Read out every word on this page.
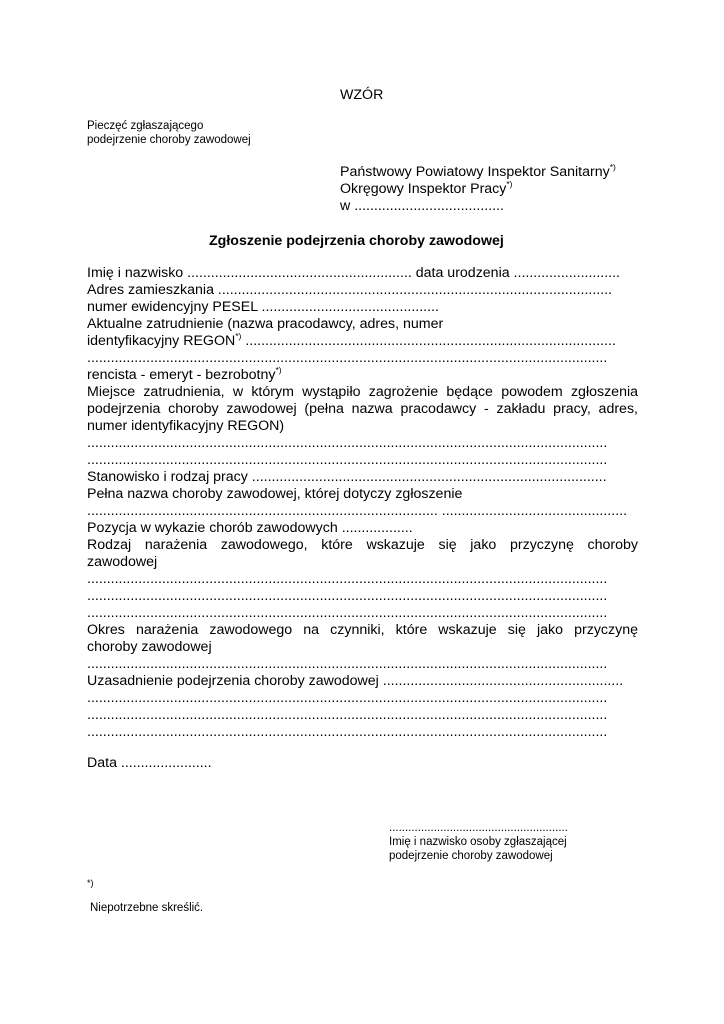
WZÓR
Pieczęć zgłaszającego
podejrzenie choroby zawodowej
Państwowy Powiatowy Inspektor Sanitarny*)
Okręgowy Inspektor Pracy*)
w ......................................
Zgłoszenie podejrzenia choroby zawodowej
Imię i nazwisko ......................................................... data urodzenia ...........................
Adres zamieszkania ....................................................................................................
numer ewidencyjny PESEL .............................................
Aktualne zatrudnienie (nazwa pracodawcy, adres, numer
identyfikacyjny REGON*) ..............................................................................................
....................................................................................................................................
rencista - emeryt - bezrobotny*)
Miejsce zatrudnienia, w którym wystąpiło zagrożenie będące powodem zgłoszenia
podejrzenia choroby zawodowej (pełna nazwa pracodawcy - zakładu pracy, adres,
numer identyfikacyjny REGON)
....................................................................................................................................
....................................................................................................................................
Stanowisko i rodzaj pracy ..........................................................................................
Pełna nazwa choroby zawodowej, której dotyczy zgłoszenie
......................................................................................... ...............................................
Pozycja w wykazie chorób zawodowych ..................
Rodzaj narażenia zawodowego, które wskazuje się jako przyczynę choroby
zawodowej
....................................................................................................................................
....................................................................................................................................
....................................................................................................................................
Okres narażenia zawodowego na czynniki, które wskazuje się jako przyczynę
choroby zawodowej
....................................................................................................................................
Uzasadnienie podejrzenia choroby zawodowej .............................................................
....................................................................................................................................
....................................................................................................................................
....................................................................................................................................
Data .......................
........................................................
Imię i nazwisko osoby zgłaszającej
podejrzenie choroby zawodowej
*)
Niepotrzebne skreślić.
